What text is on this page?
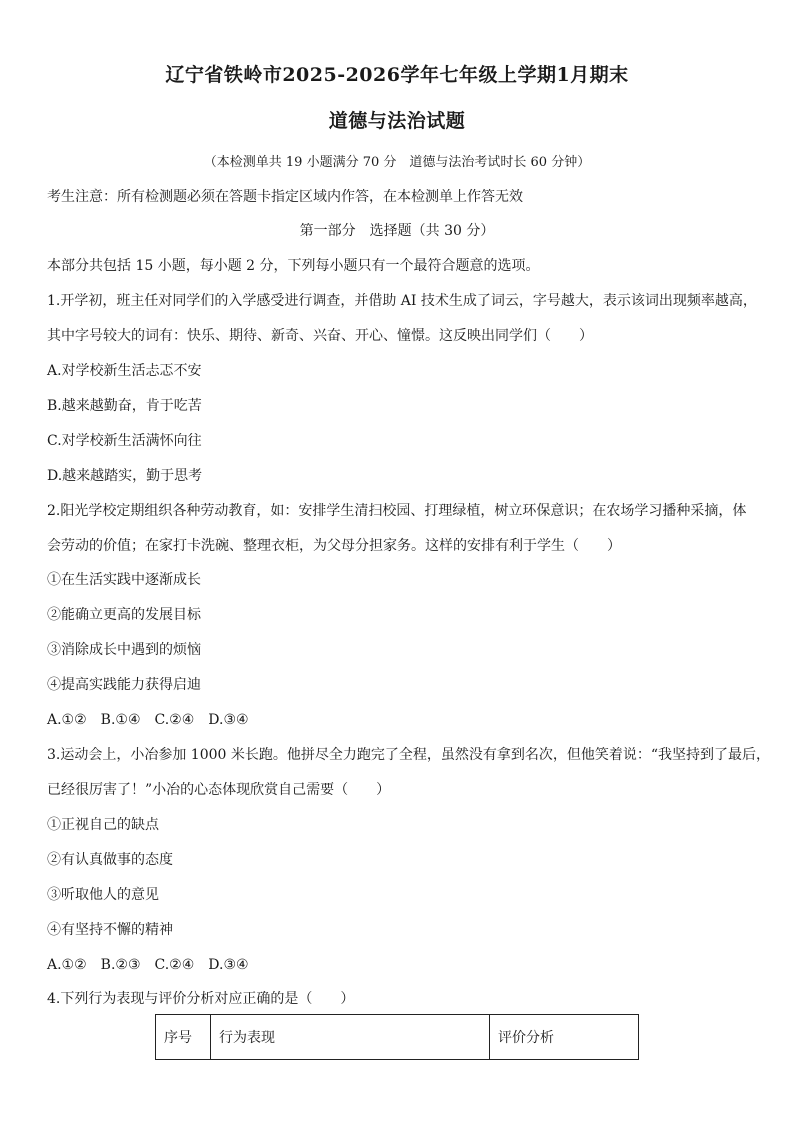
辽宁省铁岭市2025-2026学年七年级上学期1月期末
道德与法治试题
（本检测单共 19 小题满分 70 分　道德与法治考试时长 60 分钟）
考生注意：所有检测题必须在答题卡指定区域内作答，在本检测单上作答无效
第一部分　选择题（共 30 分）
本部分共包括 15 小题，每小题 2 分，下列每小题只有一个最符合题意的选项。
1.开学初，班主任对同学们的入学感受进行调查，并借助 AI 技术生成了词云，字号越大，表示该词出现频率越高，
其中字号较大的词有：快乐、期待、新奇、兴奋、开心、憧憬。这反映出同学们（　　）
A.对学校新生活忐忑不安
B.越来越勤奋，肯于吃苦
C.对学校新生活满怀向往
D.越来越踏实，勤于思考
2.阳光学校定期组织各种劳动教育，如：安排学生清扫校园、打理绿植，树立环保意识；在农场学习播种采摘，体
会劳动的价值；在家打卡洗碗、整理衣柜，为父母分担家务。这样的安排有利于学生（　　）
①在生活实践中逐渐成长
②能确立更高的发展目标
③消除成长中遇到的烦恼
④提高实践能力获得启迪
A.①②　B.①④　C.②④　D.③④
3.运动会上，小冶参加 1000 米长跑。他拼尽全力跑完了全程，虽然没有拿到名次，但他笑着说：“我坚持到了最后，
已经很厉害了！”小冶的心态体现欣赏自己需要（　　）
①正视自己的缺点
②有认真做事的态度
③听取他人的意见
④有坚持不懈的精神
A.①②　B.②③　C.②④　D.③④
4.下列行为表现与评价分析对应正确的是（　　）
序号	行为表现	评价分析
